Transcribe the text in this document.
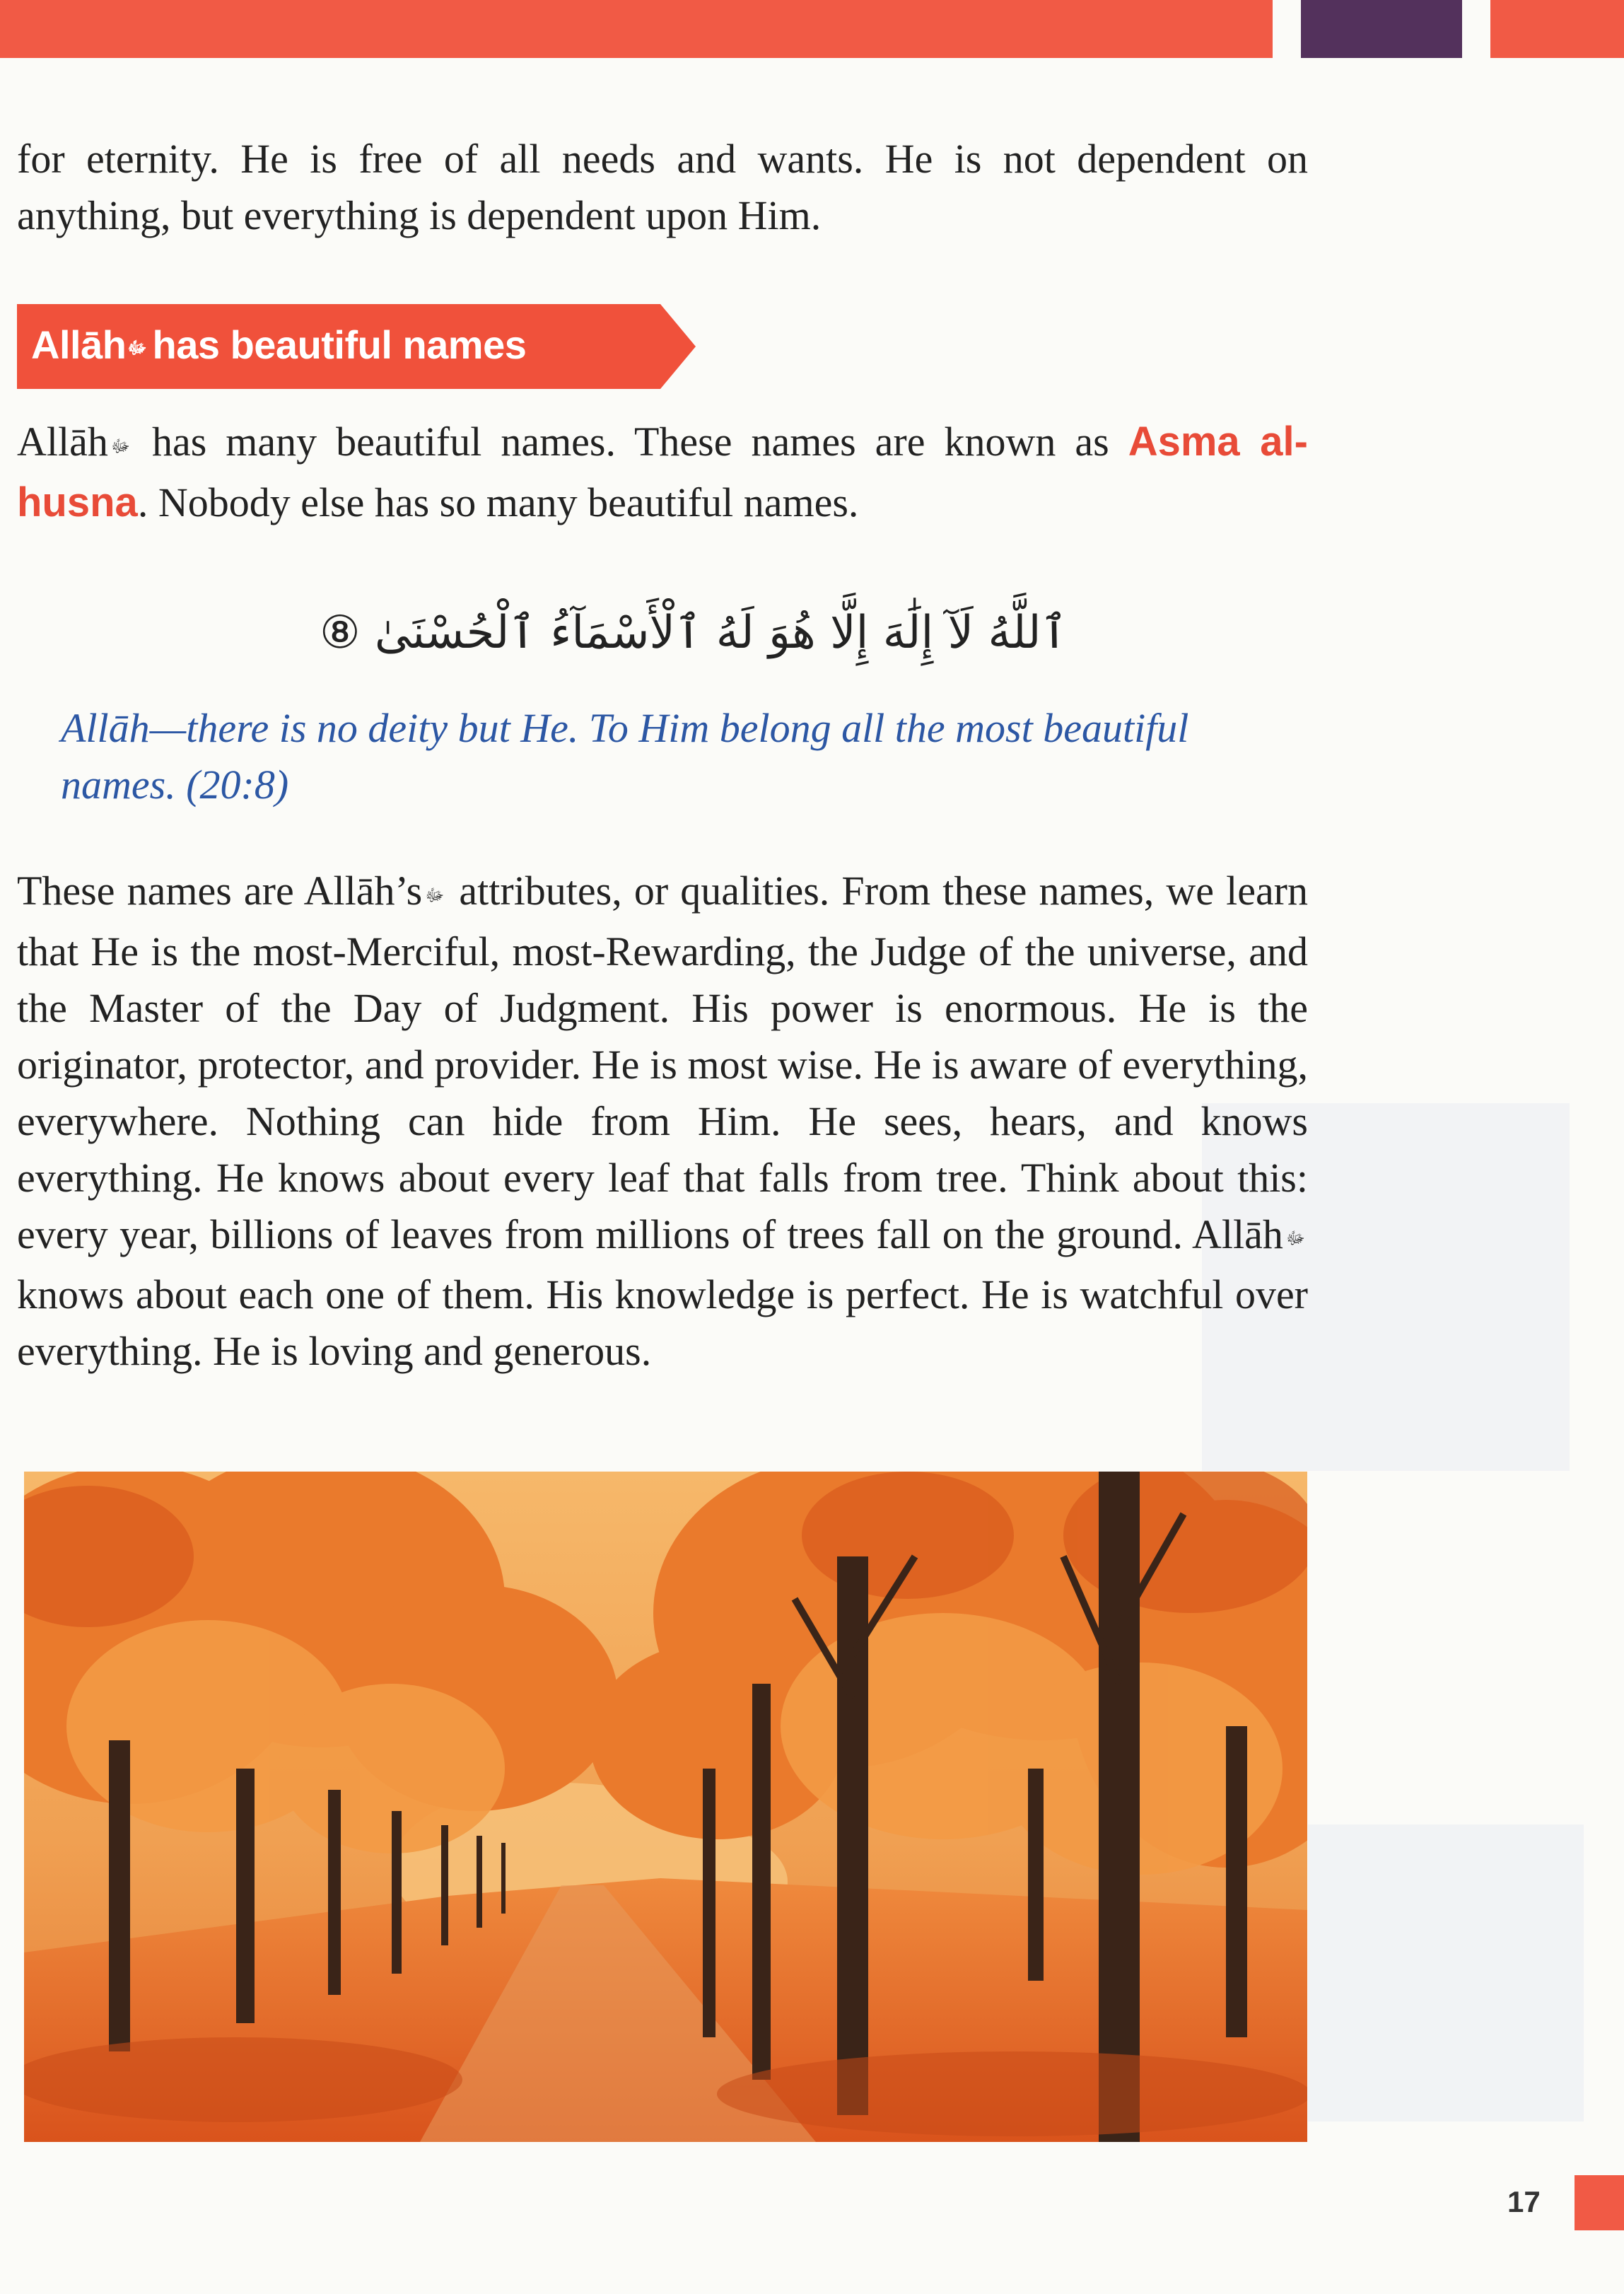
for eternity. He is free of all needs and wants. He is not dependent on anything, but everything is dependent upon Him.

Allāhﷻ has beautiful names

Allāh ﷻ has many beautiful names. These names are known as Asma al-husna. Nobody else has so many beautiful names.

ٱللَّهُ لَآ إِلَٰهَ إِلَّا هُوَ لَهُ ٱلْأَسْمَآءُ ٱلْحُسْنَىٰ ⑧

Allāh—there is no deity but He. To Him belong all the most beautiful names. (20:8)

These names are Allāh’s ﷻ attributes, or qualities. From these names, we learn that He is the most-Merciful, most-Rewarding, the Judge of the universe, and the Master of the Day of Judgment. His power is enormous. He is the originator, protector, and provider. He is most wise. He is aware of everything, everywhere. Nothing can hide from Him. He sees, hears, and knows everything. He knows about every leaf that falls from tree. Think about this: every year, billions of leaves from millions of trees fall on the ground. Allāh ﷻ knows about each one of them. His knowledge is perfect. He is watchful over everything. He is loving and generous.

17
